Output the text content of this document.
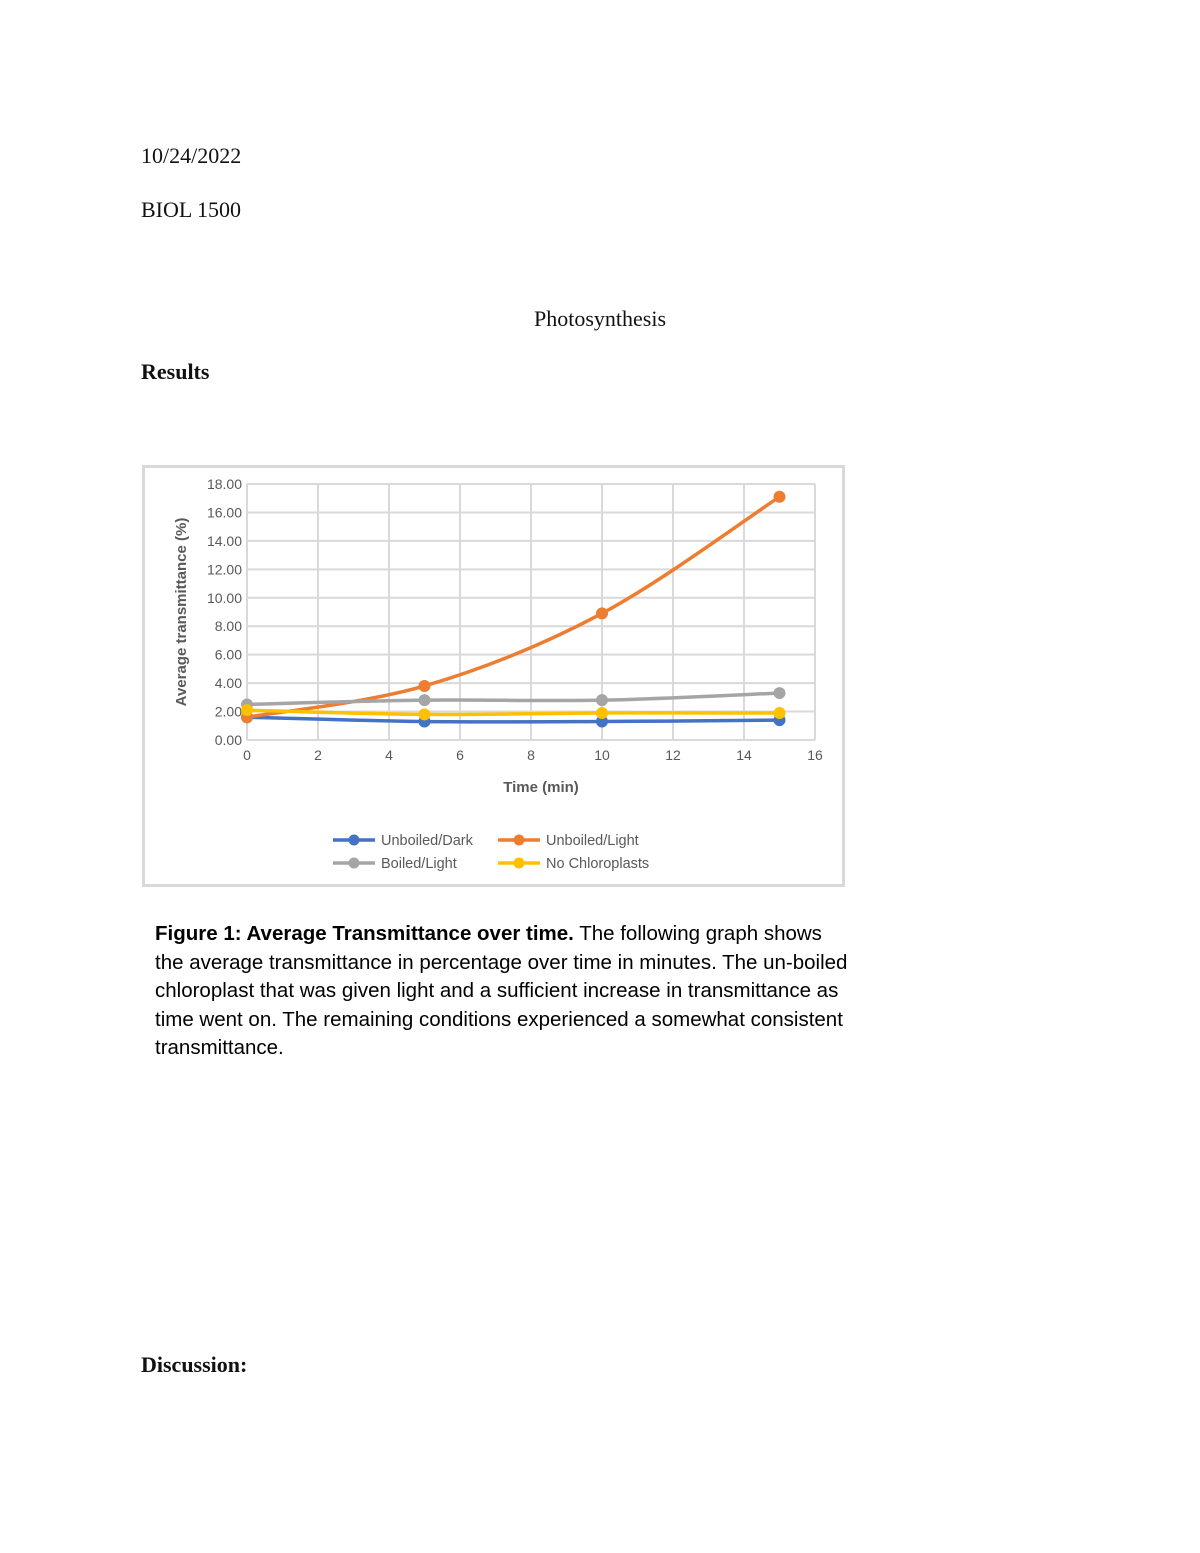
10/24/2022
BIOL 1500
Photosynthesis
Results
0.00
2.00
4.00
6.00
8.00
10.00
12.00
14.00
16.00
18.00
0	2	4	6	8	10	12	14	16
Time (min)
Average transmittance (%)
Unboiled/Dark	Unboiled/Light
Boiled/Light	No Chloroplasts
Figure 1: Average Transmittance over time. The following graph shows the average transmittance in percentage over time in minutes. The un-boiled chloroplast that was given light and a sufficient increase in transmittance as time went on. The remaining conditions experienced a somewhat consistent transmittance.
Discussion:
